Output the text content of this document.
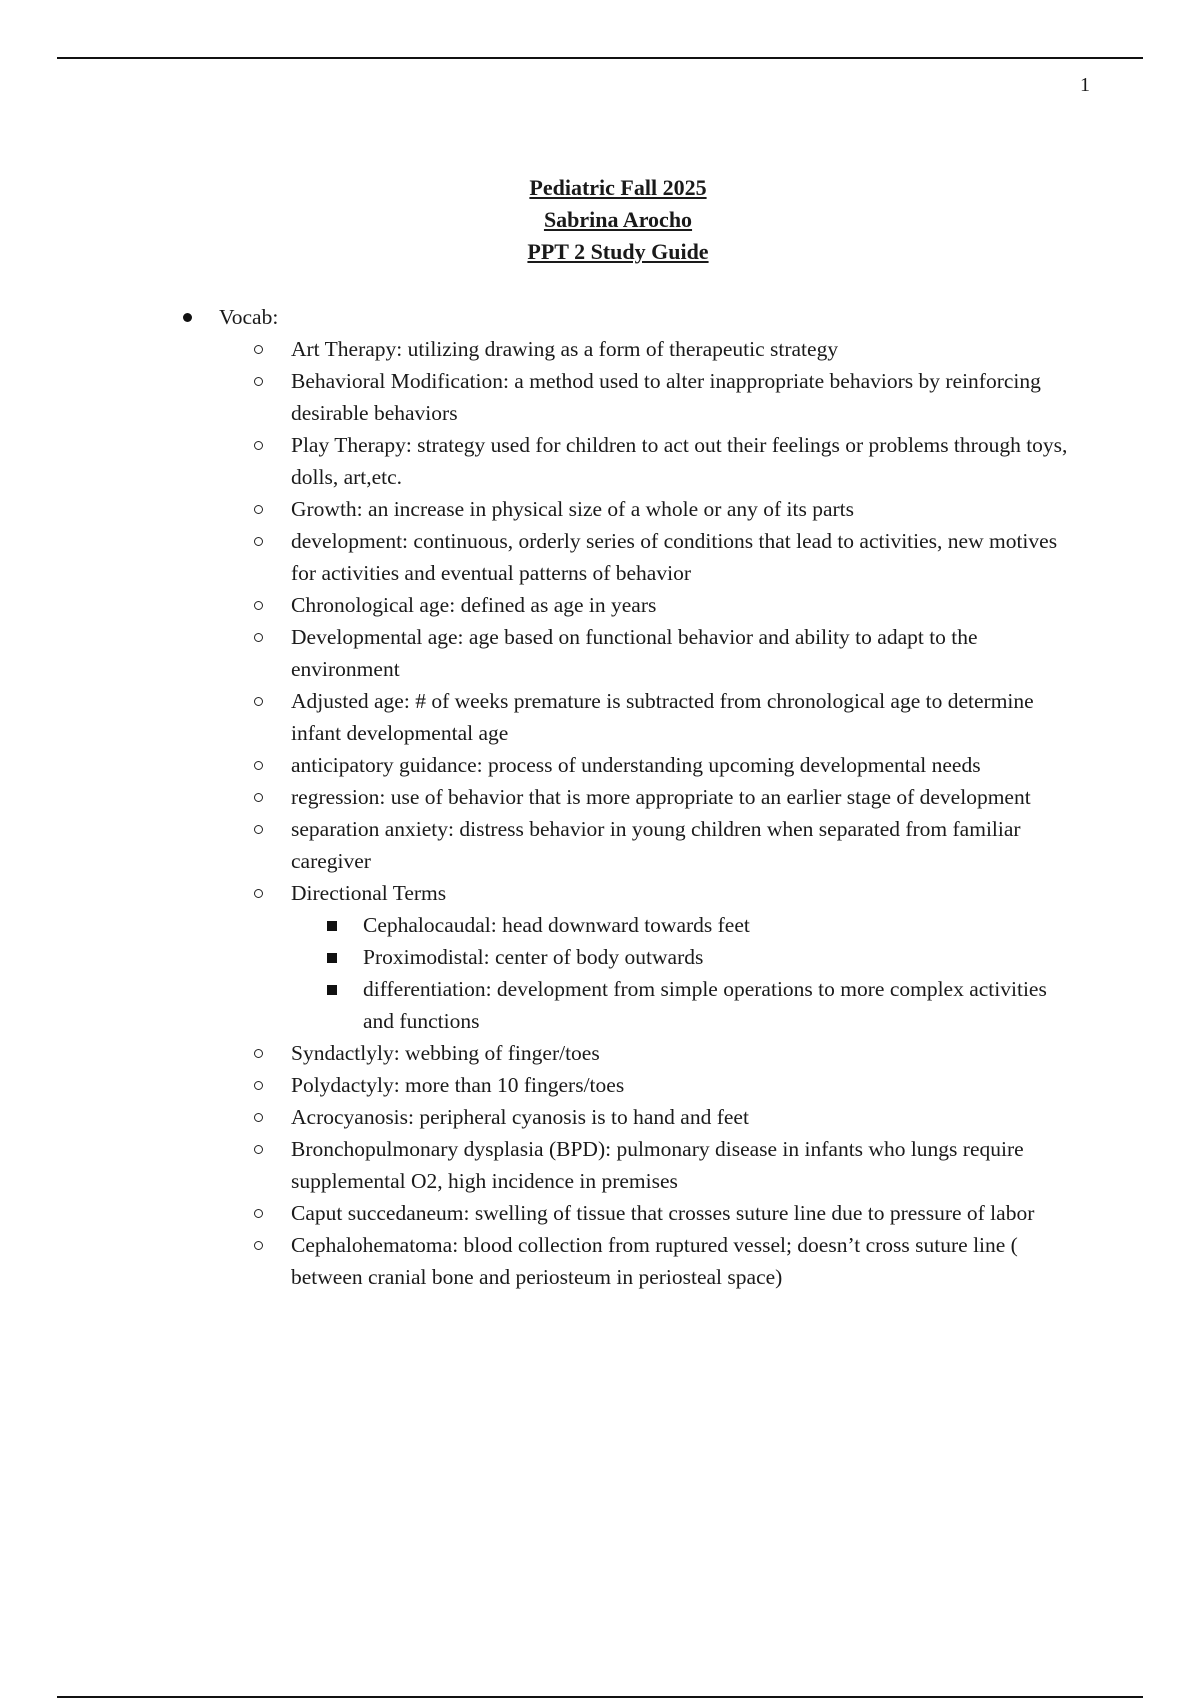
1
Pediatric Fall 2025
Sabrina Arocho
PPT 2 Study Guide
Vocab:
Art Therapy: utilizing drawing as a form of therapeutic strategy
Behavioral Modification: a method used to alter inappropriate behaviors by reinforcing desirable behaviors
Play Therapy: strategy used for children to act out their feelings or problems through toys, dolls, art,etc.
Growth: an increase in physical size of a whole or any of its parts
development: continuous, orderly series of conditions that lead to activities, new motives for activities and eventual patterns of behavior
Chronological age: defined as age in years
Developmental age: age based on functional behavior and ability to adapt to the environment
Adjusted age: # of weeks premature is subtracted from chronological age to determine infant developmental age
anticipatory guidance: process of understanding upcoming developmental needs
regression: use of behavior that is more appropriate to an earlier stage of development
separation anxiety: distress behavior in young children when separated from familiar caregiver
Directional Terms
Cephalocaudal: head downward towards feet
Proximodistal: center of body outwards
differentiation: development from simple operations to more complex activities and functions
Syndactlyly: webbing of finger/toes
Polydactyly: more than 10 fingers/toes
Acrocyanosis: peripheral cyanosis is to hand and feet
Bronchopulmonary dysplasia (BPD): pulmonary disease in infants who lungs require supplemental O2, high incidence in premises
Caput succedaneum: swelling of tissue that crosses suture line due to pressure of labor
Cephalohematoma: blood collection from ruptured vessel; doesn’t cross suture line ( between cranial bone and periosteum in periosteal space)
